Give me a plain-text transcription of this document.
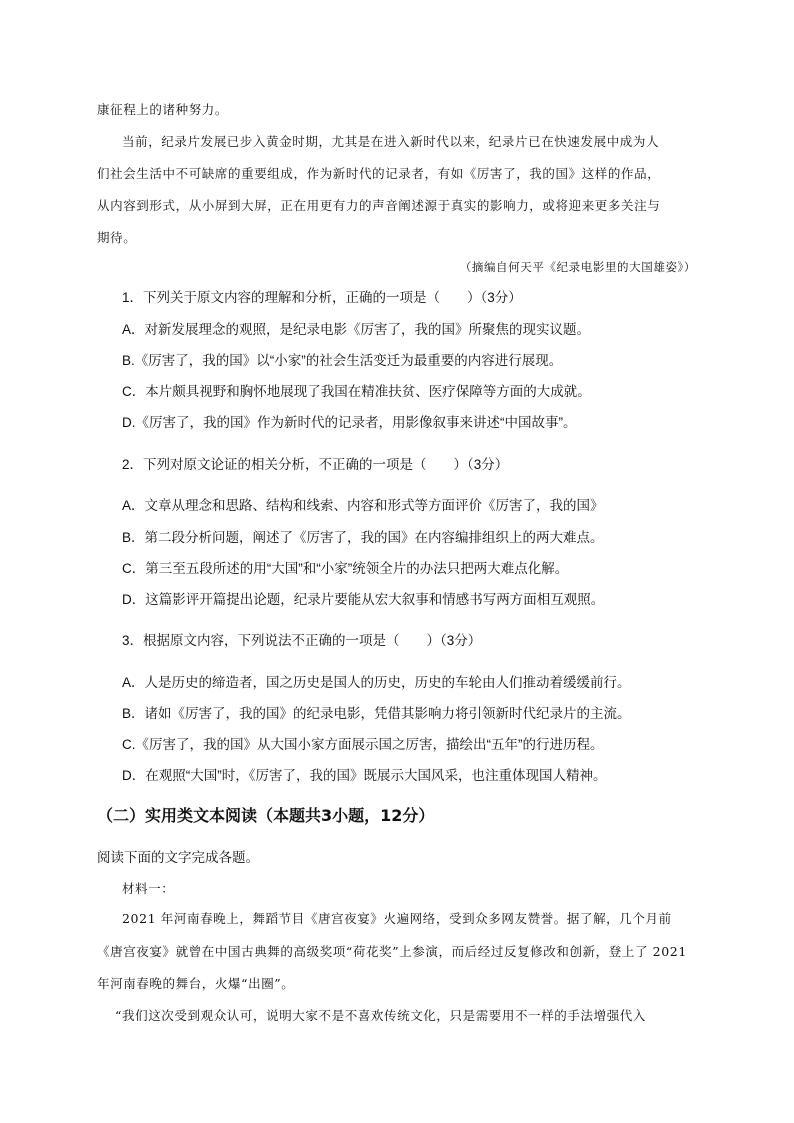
康征程上的诸种努力。
当前，纪录片发展已步入黄金时期，尤其是在进入新时代以来，纪录片已在快速发展中成为人
们社会生活中不可缺席的重要组成，作为新时代的记录者，有如《厉害了，我的国》这样的作品，
从内容到形式，从小屏到大屏，正在用更有力的声音阐述源于真实的影响力，或将迎来更多关注与
期待。
（摘编自何天平《纪录电影里的大国雄姿》）
1．下列关于原文内容的理解和分析，正确的一项是（　　）（3分）
A．对新发展理念的观照，是纪录电影《厉害了，我的国》所聚焦的现实议题。
B.《厉害了，我的国》以“小家”的社会生活变迁为最重要的内容进行展现。
C．本片颇具视野和胸怀地展现了我国在精准扶贫、医疗保障等方面的大成就。
D.《厉害了，我的国》作为新时代的记录者，用影像叙事来讲述“中国故事”。
2．下列对原文论证的相关分析，不正确的一项是（　　）（3分）
A．文章从理念和思路、结构和线索、内容和形式等方面评价《厉害了，我的国》
B．第二段分析问题，阐述了《厉害了，我的国》在内容编排组织上的两大难点。
C．第三至五段所述的用“大国”和“小家”统领全片的办法只把两大难点化解。
D．这篇影评开篇提出论题，纪录片要能从宏大叙事和情感书写两方面相互观照。
3．根据原文内容，下列说法不正确的一项是（　　）（3分）
A．人是历史的缔造者，国之历史是国人的历史，历史的车轮由人们推动着缓缓前行。
B．诸如《厉害了，我的国》的纪录电影，凭借其影响力将引领新时代纪录片的主流。
C.《厉害了，我的国》从大国小家方面展示国之厉害，描绘出“五年”的行进历程。
D．在观照“大国”时，《厉害了，我的国》既展示大国风采，也注重体现国人精神。
（二）实用类文本阅读（本题共3小题，12分）
阅读下面的文字完成各题。
材料一：
2021 年河南春晚上，舞蹈节目《唐宫夜宴》火遍网络，受到众多网友赞誉。据了解，几个月前
《唐宫夜宴》就曾在中国古典舞的高级奖项“荷花奖”上参演，而后经过反复修改和创新，登上了 2021
年河南春晚的舞台，火爆“出圈”。
“我们这次受到观众认可，说明大家不是不喜欢传统文化，只是需要用不一样的手法增强代入
